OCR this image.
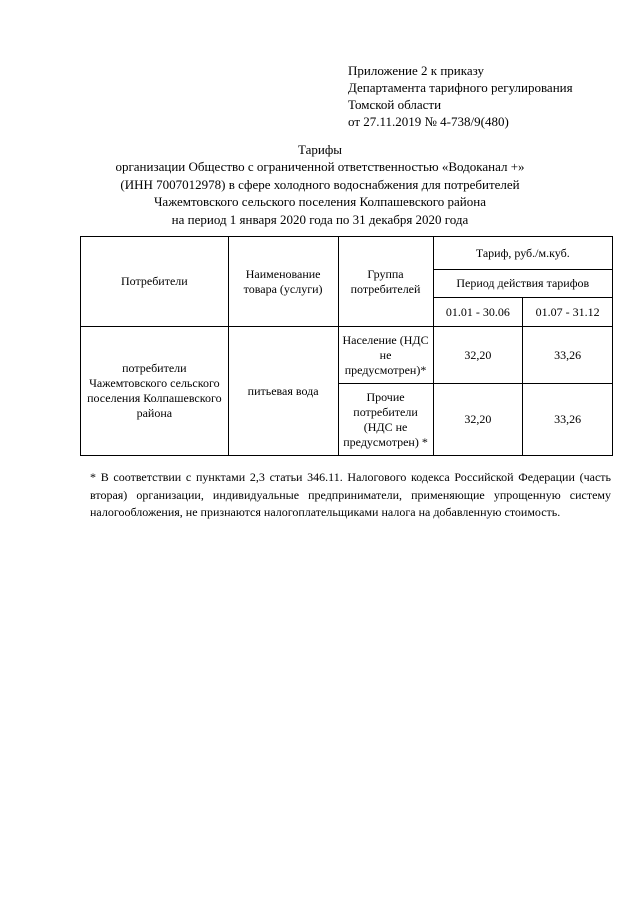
Приложение 2 к приказу
Департамента тарифного регулирования
Томской области
от 27.11.2019 № 4-738/9(480)
Тарифы
организации Общество с ограниченной ответственностью «Водоканал +»
(ИНН 7007012978) в сфере холодного водоснабжения для потребителей
Чажемтовского сельского поселения Колпашевского района
на период 1 января 2020 года по 31 декабря 2020 года
Потребители	Наименование товара (услуги)	Группа потребителей	Тариф, руб./м.куб.	
			Период действия тарифов	
			01.01 - 30.06	01.07 - 31.12
потребители Чажемтовского сельского поселения Колпашевского района	питьевая вода	Население (НДС не предусмотрен)*	32,20	33,26
		Прочие потребители (НДС не предусмотрен) *	32,20	33,26
* В соответствии с пунктами 2,3 статьи 346.11. Налогового кодекса Российской Федерации (часть вторая) организации, индивидуальные предприниматели, применяющие упрощенную систему налогообложения, не признаются налогоплательщиками налога на добавленную стоимость.
